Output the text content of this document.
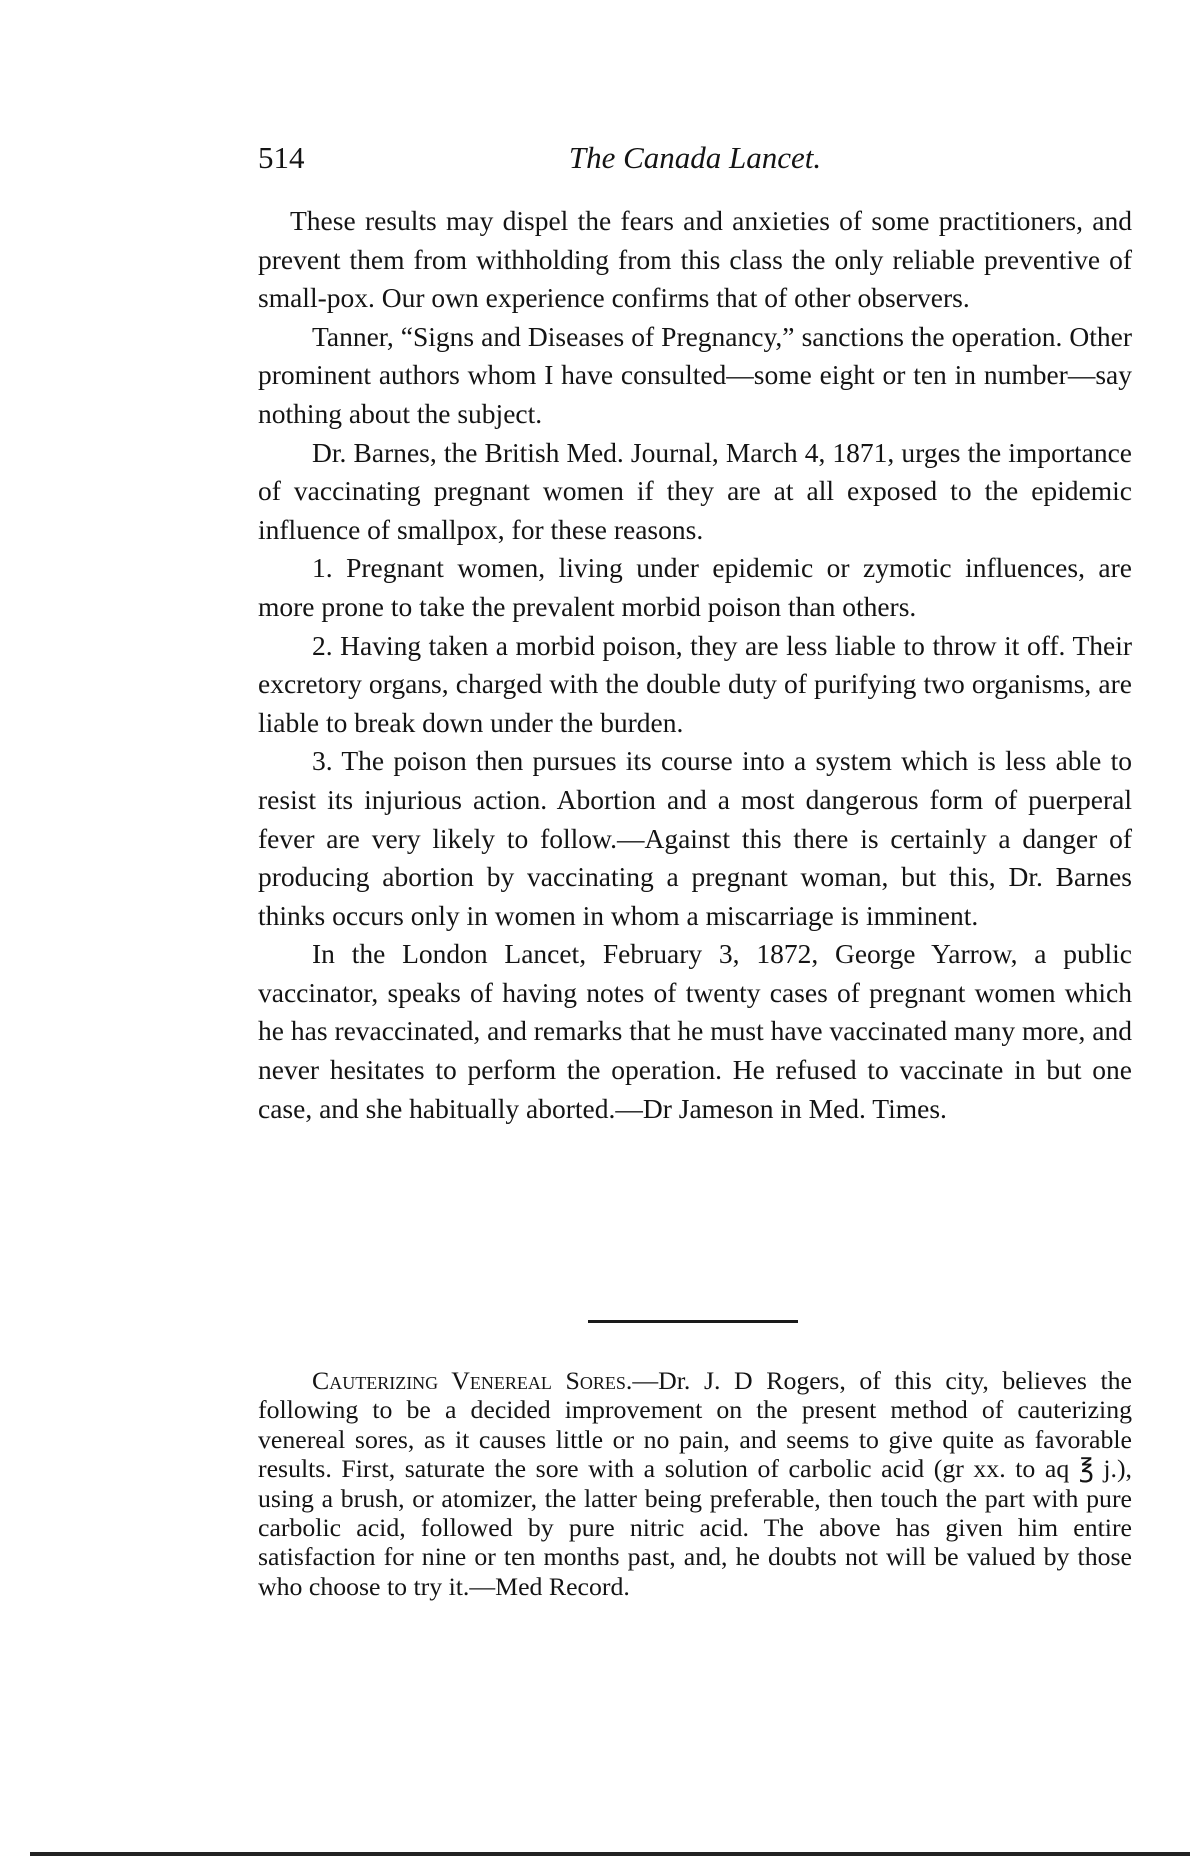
514	The Canada Lancet.

These results may dispel the fears and anxieties of some practitioners, and prevent them from withholding from this class the only reliable preventive of small-pox. Our own experience confirms that of other observers.

Tanner, “Signs and Diseases of Pregnancy,” sanctions the operation. Other prominent authors whom I have consulted—some eight or ten in number—say nothing about the subject.

Dr. Barnes, the British Med. Journal, March 4, 1871, urges the importance of vaccinating pregnant women if they are at all exposed to the epidemic influence of smallpox, for these reasons.

1. Pregnant women, living under epidemic or zymotic influences, are more prone to take the prevalent morbid poison than others.

2. Having taken a morbid poison, they are less liable to throw it off. Their excretory organs, charged with the double duty of purifying two organisms, are liable to break down under the burden.

3. The poison then pursues its course into a system which is less able to resist its injurious action. Abortion and a most dangerous form of puerperal fever are very likely to follow.—Against this there is certainly a danger of producing abortion by vaccinating a pregnant woman, but this, Dr. Barnes thinks occurs only in women in whom a miscarriage is imminent.

In the London Lancet, February 3, 1872, George Yarrow, a public vaccinator, speaks of having notes of twenty cases of pregnant women which he has revaccinated, and remarks that he must have vaccinated many more, and never hesitates to perform the operation. He refused to vaccinate in but one case, and she habitually aborted.—Dr Jameson in Med. Times.

Cauterizing Venereal Sores.—Dr. J. D Rogers, of this city, believes the following to be a decided improvement on the present method of cauterizing venereal sores, as it causes little or no pain, and seems to give quite as favorable results. First, saturate the sore with a solution of carbolic acid (gr xx. to aq ℥ j.), using a brush, or atomizer, the latter being preferable, then touch the part with pure carbolic acid, followed by pure nitric acid. The above has given him entire satisfaction for nine or ten months past, and, he doubts not will be valued by those who choose to try it.—Med Record.
